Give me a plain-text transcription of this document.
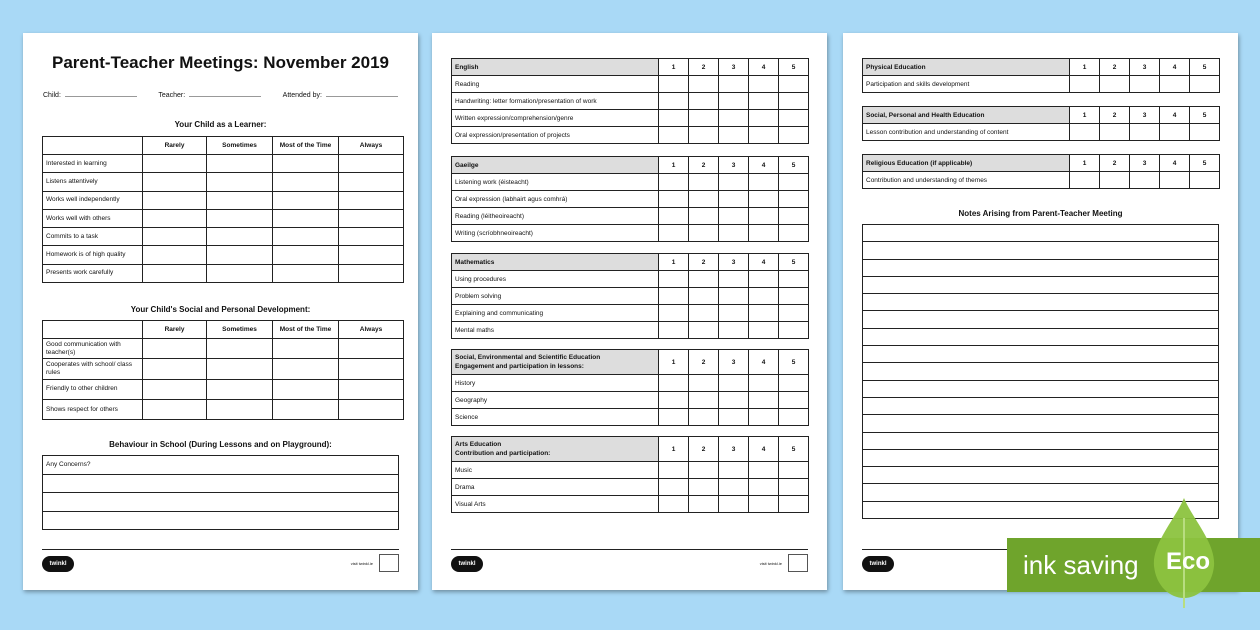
Parent-Teacher Meetings: November 2019
Child:	Teacher:	Attended by:
Your Child as a Learner:
	Rarely	Sometimes	Most of the Time	Always
Interested in learning				
Listens attentively				
Works well independently				
Works well with others				
Commits to a task				
Homework is of high quality				
Presents work carefully				
Your Child's Social and Personal Development:
	Rarely	Sometimes	Most of the Time	Always
Good communication with teacher(s)				
Cooperates with school/ class rules				
Friendly to other children				
Shows respect for others				
Behaviour in School (During Lessons and on Playground):
Any Concerns?

twinkl	visit twinkl.ie
English	1	2	3	4	5
Reading					
Handwriting: letter formation/presentation of work					
Written expression/comprehension/genre					
Oral expression/presentation of projects					
Gaeilge	1	2	3	4	5
Listening work (éisteacht)					
Oral expression (labhairt agus comhrá)					
Reading (léitheoireacht)					
Writing (scríobhneoireacht)					
Mathematics	1	2	3	4	5
Using procedures					
Problem solving					
Explaining and communicating					
Mental maths					
Social, Environmental and Scientific Education
Engagement and participation in lessons:	1	2	3	4	5
History					
Geography					
Science					
Arts Education
Contribution and participation:	1	2	3	4	5
Music					
Drama					
Visual Arts					
twinkl	visit twinkl.ie
Physical Education	1	2	3	4	5
Participation and skills development					
Social, Personal and Health Education	1	2	3	4	5
Lesson contribution and understanding of content					
Religious Education (if applicable)	1	2	3	4	5
Contribution and understanding of themes					
Notes Arising from Parent-Teacher Meeting

twinkl	ink saving Eco
